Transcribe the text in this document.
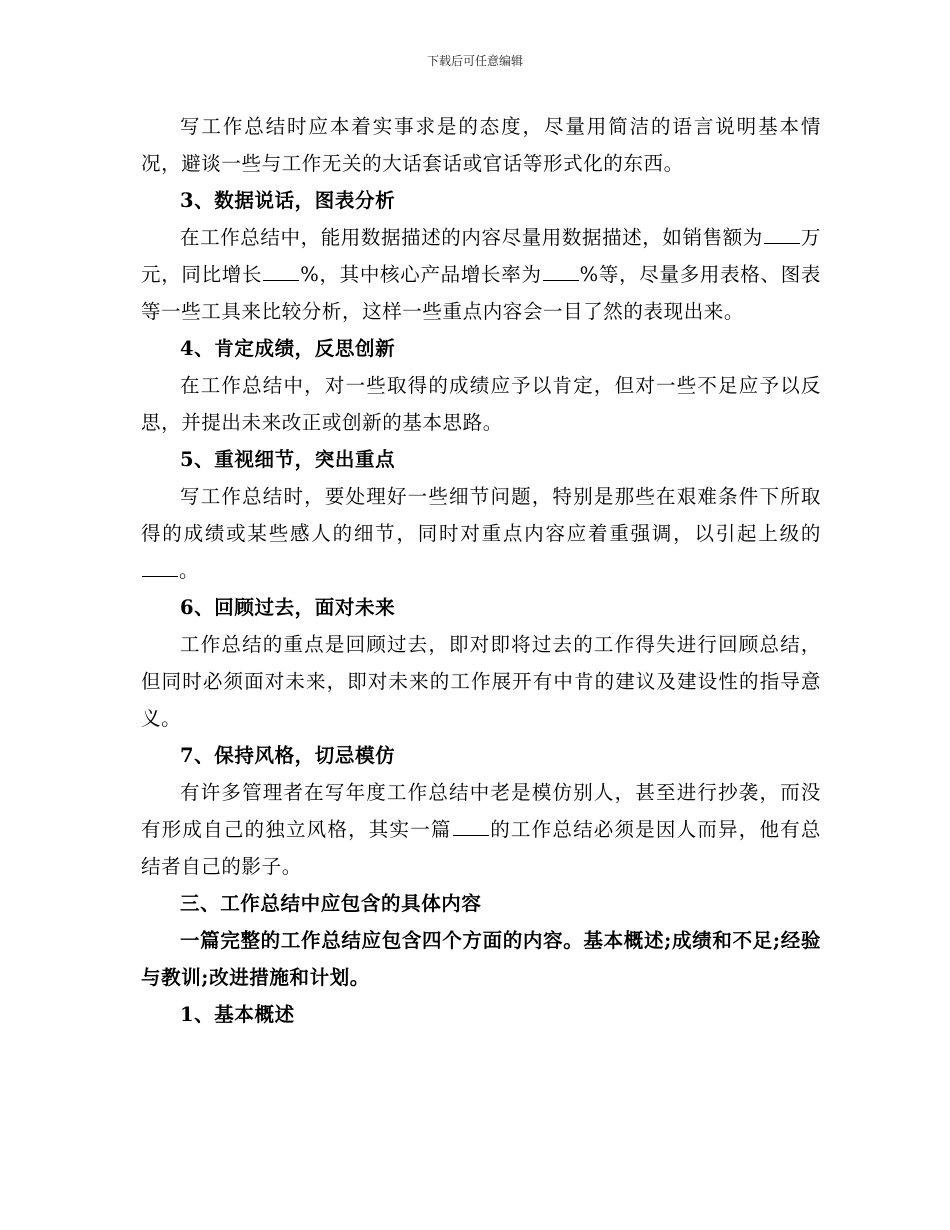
下载后可任意编辑

写工作总结时应本着实事求是的态度，尽量用简洁的语言说明基本情况，避谈一些与工作无关的大话套话或官话等形式化的东西。

3、数据说话，图表分析

在工作总结中，能用数据描述的内容尽量用数据描述，如销售额为 万元，同比增长 %，其中核心产品增长率为 %等，尽量多用表格、图表等一些工具来比较分析，这样一些重点内容会一目了然的表现出来。

4、肯定成绩，反思创新

在工作总结中，对一些取得的成绩应予以肯定，但对一些不足应予以反思，并提出未来改正或创新的基本思路。

5、重视细节，突出重点

写工作总结时，要处理好一些细节问题，特别是那些在艰难条件下所取得的成绩或某些感人的细节，同时对重点内容应着重强调，以引起上级的。

6、回顾过去，面对未来

工作总结的重点是回顾过去，即对即将过去的工作得失进行回顾总结，但同时必须面对未来，即对未来的工作展开有中肯的建议及建设性的指导意义。

7、保持风格，切忌模仿

有许多管理者在写年度工作总结中老是模仿别人，甚至进行抄袭，而没有形成自己的独立风格，其实一篇 的工作总结必须是因人而异，他有总结者自己的影子。

三、工作总结中应包含的具体内容

一篇完整的工作总结应包含四个方面的内容。基本概述;成绩和不足;经验与教训;改进措施和计划。

1、基本概述
